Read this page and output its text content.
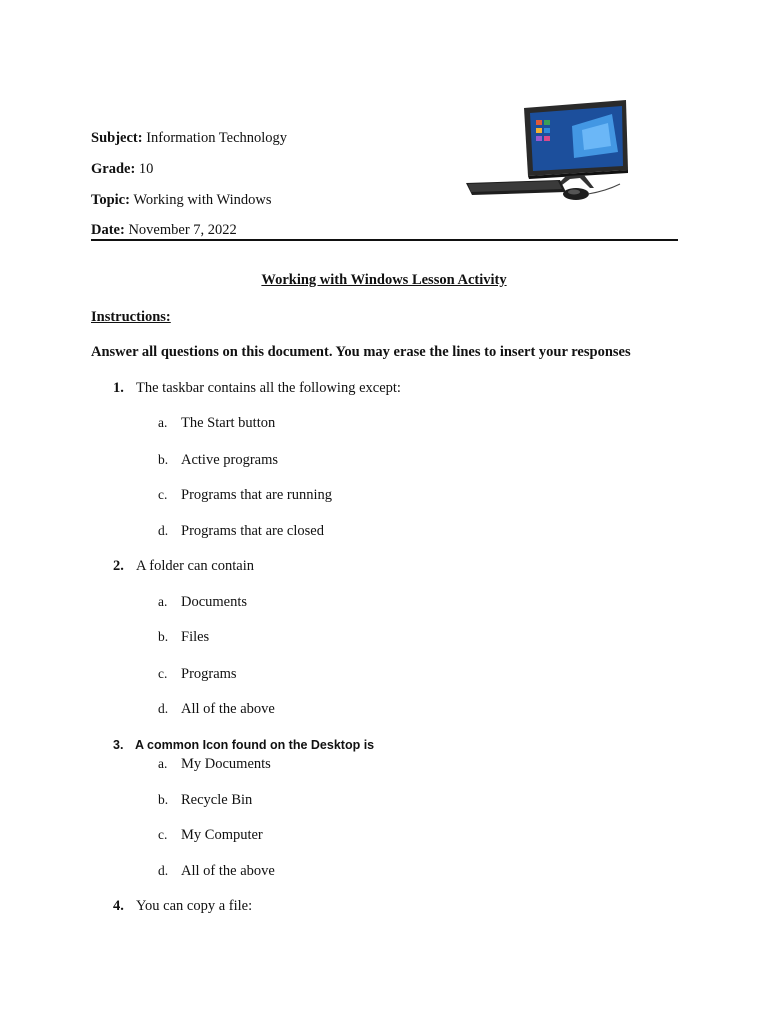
Subject: Information Technology
Grade: 10
Topic: Working with Windows
Date: November 7, 2022
Working with Windows Lesson Activity
Instructions:
Answer all questions on this document. You may erase the lines to insert your responses
1. The taskbar contains all the following except:
a. The Start button
b. Active programs
c. Programs that are running
d. Programs that are closed
2. A folder can contain
a. Documents
b. Files
c. Programs
d. All of the above
3. A common Icon found on the Desktop is
a. My Documents
b. Recycle Bin
c. My Computer
d. All of the above
4. You can copy a file:
